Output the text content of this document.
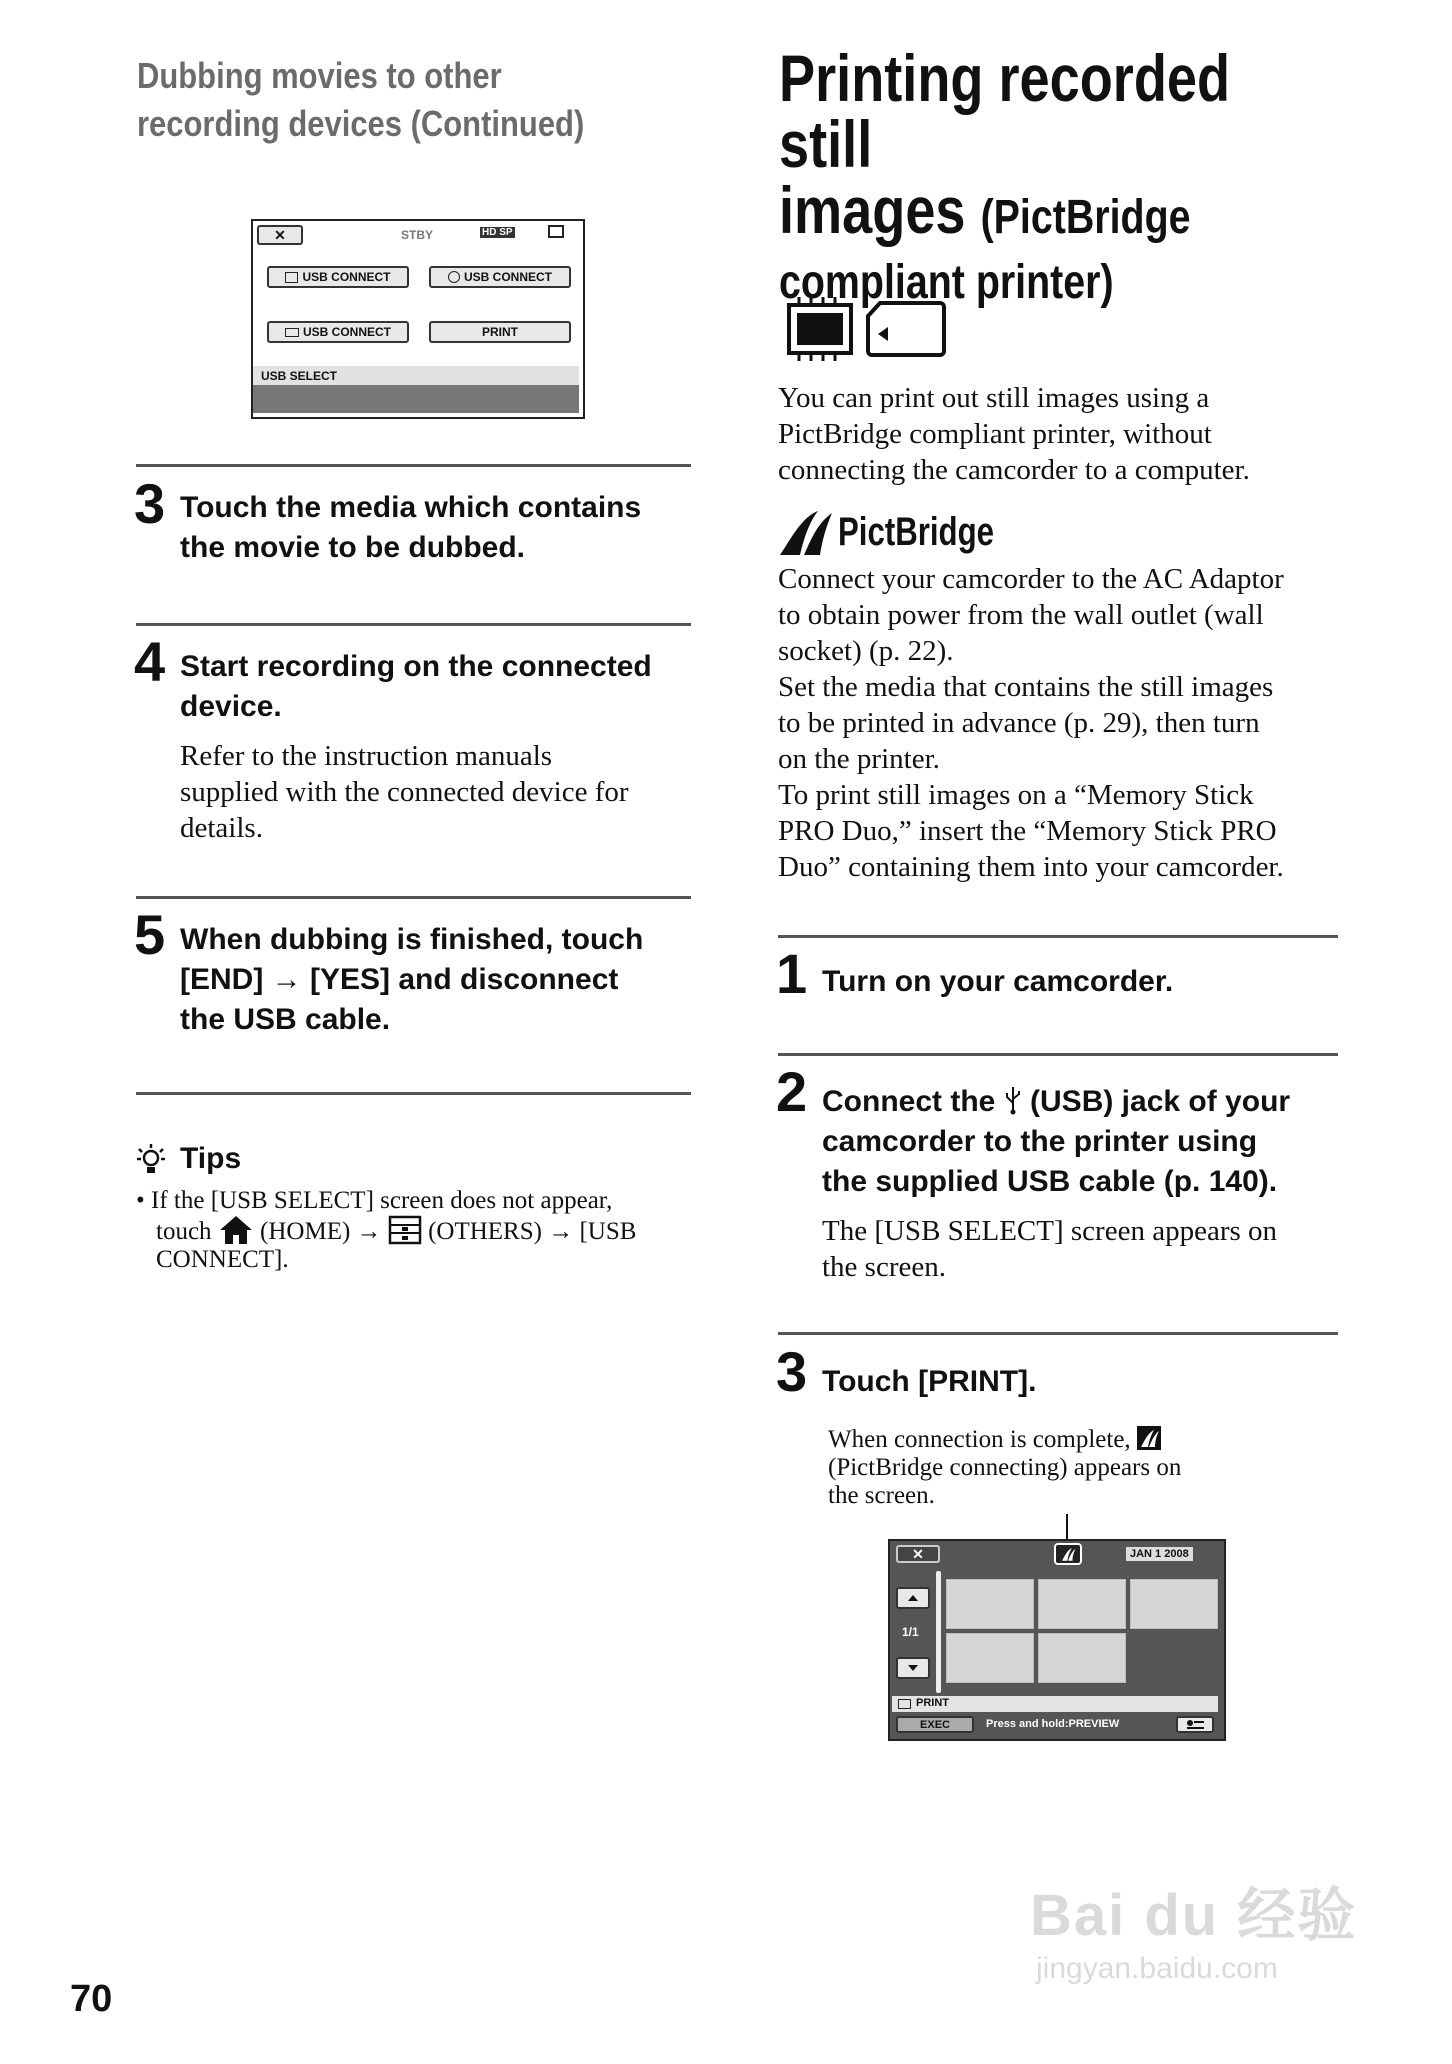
Dubbing movies to other
recording devices (Continued)
✕	STBY	HD SP
USB CONNECT	USB CONNECT
USB CONNECT	PRINT
USB SELECT
3 Touch the media which contains
the movie to be dubbed.
4 Start recording on the connected
device.
Refer to the instruction manuals
supplied with the connected device for
details.
5 When dubbing is finished, touch
[END] → [YES] and disconnect
the USB cable.
Tips
• If the [USB SELECT] screen does not appear,
touch (HOME) → (OTHERS) → [USB
CONNECT].
70
Printing recorded still
images (PictBridge
compliant printer)
You can print out still images using a
PictBridge compliant printer, without
connecting the camcorder to a computer.
PictBridge
Connect your camcorder to the AC Adaptor
to obtain power from the wall outlet (wall
socket) (p. 22).
Set the media that contains the still images
to be printed in advance (p. 29), then turn
on the printer.
To print still images on a “Memory Stick
PRO Duo,” insert the “Memory Stick PRO
Duo” containing them into your camcorder.
1 Turn on your camcorder.
2 Connect the (USB) jack of your
camcorder to the printer using
the supplied USB cable (p. 140).
The [USB SELECT] screen appears on
the screen.
3 Touch [PRINT].
When connection is complete,
(PictBridge connecting) appears on
the screen.
✕	JAN 1 2008
1/1
PRINT
EXEC	Press and hold:PREVIEW
Bai du 经验
jingyan.baidu.com
